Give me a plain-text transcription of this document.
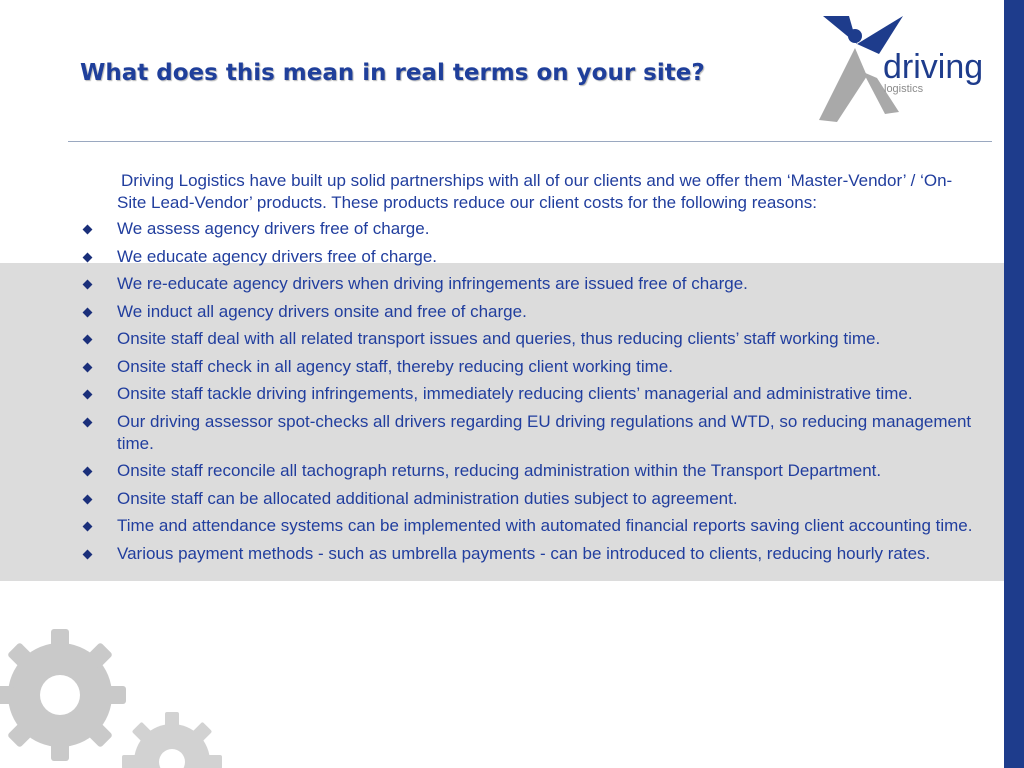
What does this mean in real terms on your site?	driving
logistics

Driving Logistics have built up solid partnerships with all of our clients and we offer them ‘Master-Vendor’ / ‘On-Site Lead-Vendor’ products. These products reduce our client costs for the following reasons:

We assess agency drivers free of charge.
We educate agency drivers free of charge.
We re-educate agency drivers when driving infringements are issued free of charge.
We induct all agency drivers onsite and free of charge.
Onsite staff deal with all related transport issues and queries, thus reducing clients’ staff working time.
Onsite staff check in all agency staff, thereby reducing client working time.
Onsite staff tackle driving infringements, immediately reducing clients’ managerial and administrative time.
Our driving assessor spot-checks all drivers regarding EU driving regulations and WTD, so reducing management time.
Onsite staff reconcile all tachograph returns, reducing administration within the Transport Department.
Onsite staff can be allocated additional administration duties subject to agreement.
Time and attendance systems can be implemented with automated financial reports saving client accounting time.
Various payment methods - such as umbrella payments - can be introduced to clients, reducing hourly rates.
